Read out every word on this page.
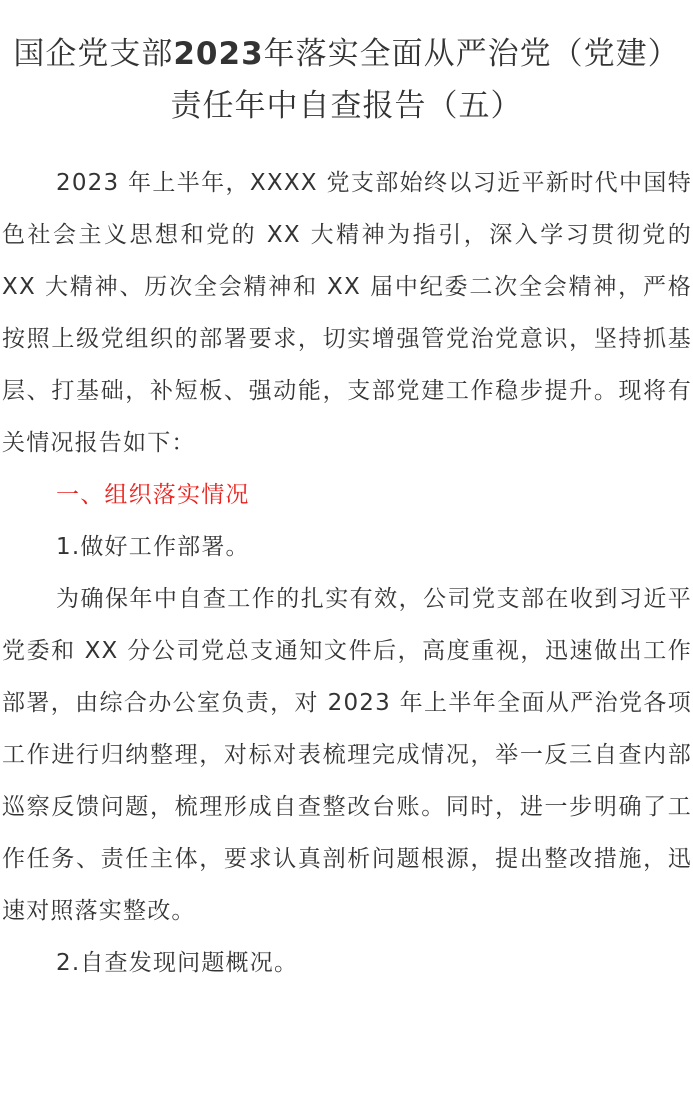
国企党支部2023年落实全面从严治党（党建）责任年中自查报告（五）

2023 年上半年，XXXX 党支部始终以习近平新时代中国特色社会主义思想和党的 XX 大精神为指引，深入学习贯彻党的 XX 大精神、历次全会精神和 XX 届中纪委二次全会精神，严格按照上级党组织的部署要求，切实增强管党治党意识，坚持抓基层、打基础，补短板、强动能，支部党建工作稳步提升。现将有关情况报告如下：

一、组织落实情况

1.做好工作部署。

为确保年中自查工作的扎实有效，公司党支部在收到习近平党委和 XX 分公司党总支通知文件后，高度重视，迅速做出工作部署，由综合办公室负责，对 2023 年上半年全面从严治党各项工作进行归纳整理，对标对表梳理完成情况，举一反三自查内部巡察反馈问题，梳理形成自查整改台账。同时，进一步明确了工作任务、责任主体，要求认真剖析问题根源，提出整改措施，迅速对照落实整改。

2.自查发现问题概况。
